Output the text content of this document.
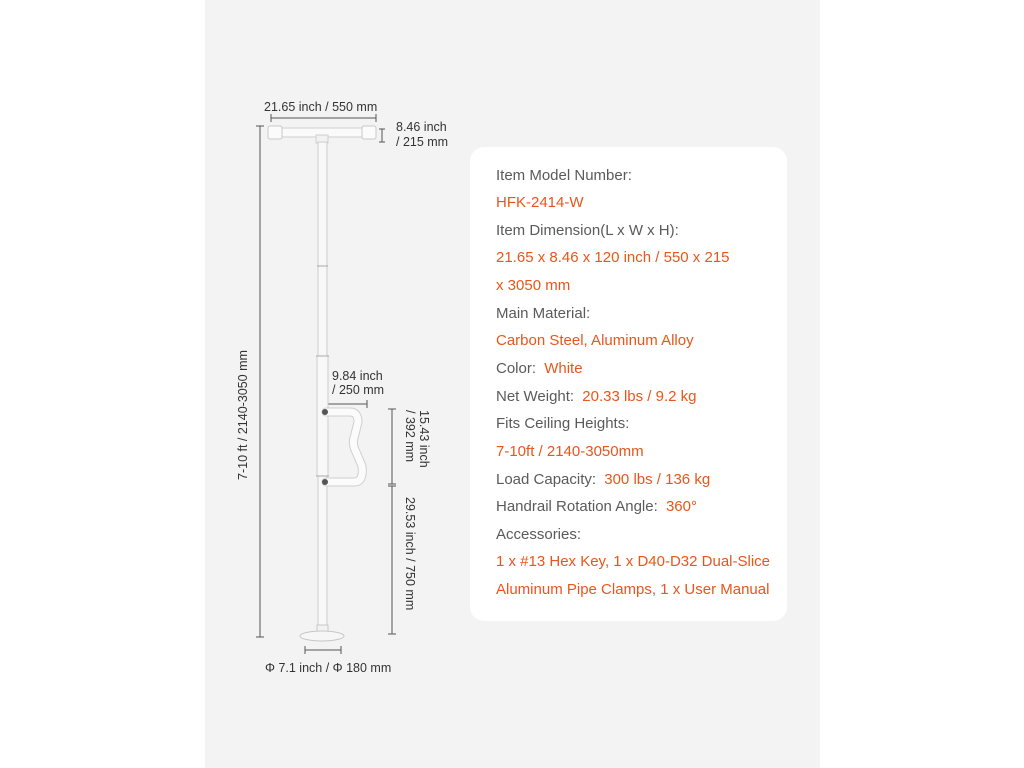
21.65 inch / 550 mm
8.46 inch
/ 215 mm
7-10 ft / 2140-3050 mm	9.84 inch
/ 250 mm
15.43 inch
/ 392 mm
29.53 inch / 750 mm
Φ 7.1 inch / Φ 180 mm
Item Model Number:
HFK-2414-W
Item Dimension(L x W x H):
21.65 x 8.46 x 120 inch / 550 x 215
x 3050 mm
Main Material:
Carbon Steel, Aluminum Alloy
Color: White
Net Weight: 20.33 lbs / 9.2 kg
Fits Ceiling Heights:
7-10ft / 2140-3050mm
Load Capacity: 300 lbs / 136 kg
Handrail Rotation Angle: 360°
Accessories:
1 x #13 Hex Key, 1 x D40-D32 Dual-Slice
Aluminum Pipe Clamps, 1 x User Manual
